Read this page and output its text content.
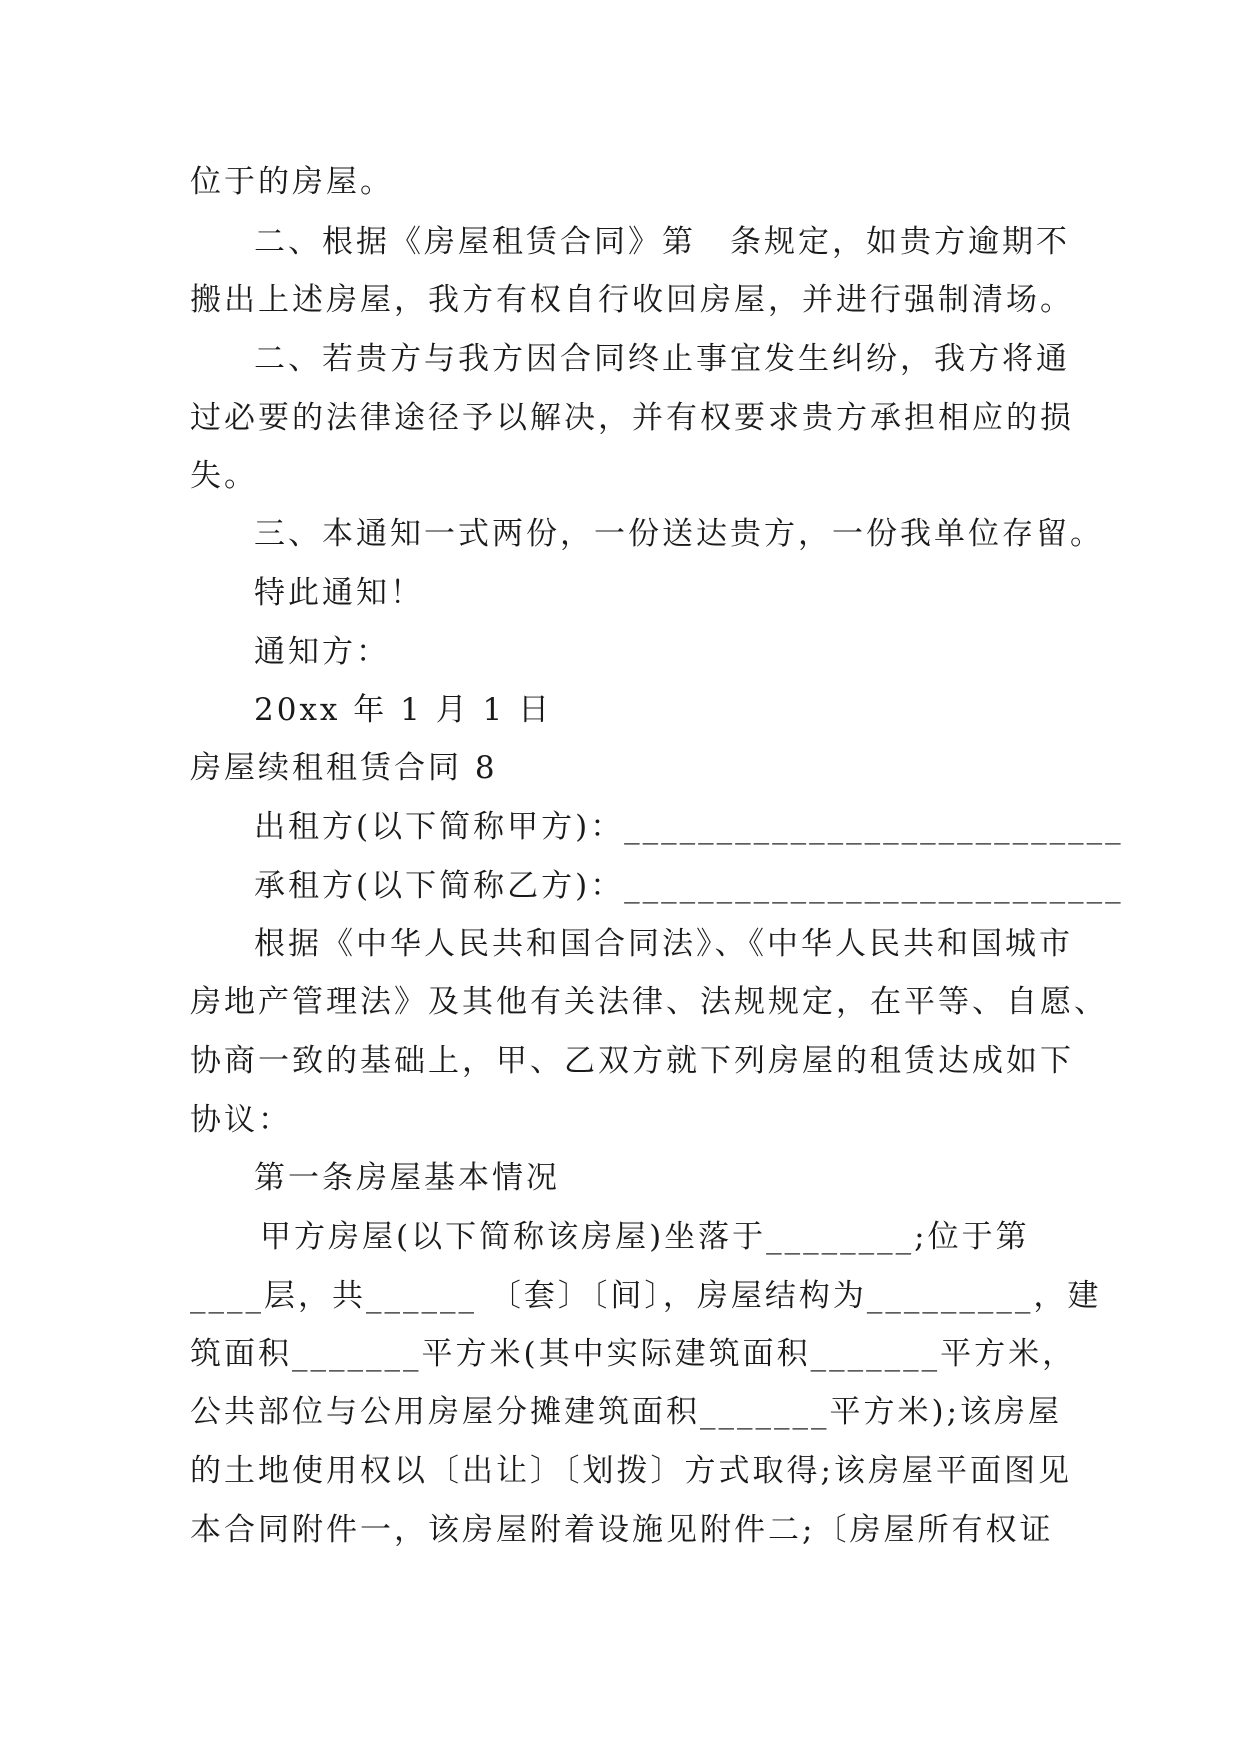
位于的房屋。
二、根据《房屋租赁合同》第　条规定，如贵方逾期不
搬出上述房屋，我方有权自行收回房屋，并进行强制清场。
二、若贵方与我方因合同终止事宜发生纠纷，我方将通
过必要的法律途径予以解决，并有权要求贵方承担相应的损
失。
三、本通知一式两份，一份送达贵方，一份我单位存留。
特此通知！
通知方：
20xx 年 1 月 1 日
房屋续租租赁合同 8
出租方(以下简称甲方)：___________________________
承租方(以下简称乙方)：___________________________
根据《中华人民共和国合同法》、《中华人民共和国城市
房地产管理法》及其他有关法律、法规规定，在平等、自愿、
协商一致的基础上，甲、乙双方就下列房屋的租赁达成如下
协议：
第一条房屋基本情况
甲方房屋(以下简称该房屋)坐落于________;位于第
____层，共______ 〔套〕〔间〕，房屋结构为_________，建
筑面积_______平方米(其中实际建筑面积_______平方米，
公共部位与公用房屋分摊建筑面积_______平方米);该房屋
的土地使用权以〔出让〕〔划拨〕方式取得;该房屋平面图见
本合同附件一，该房屋附着设施见附件二;〔房屋所有权证
